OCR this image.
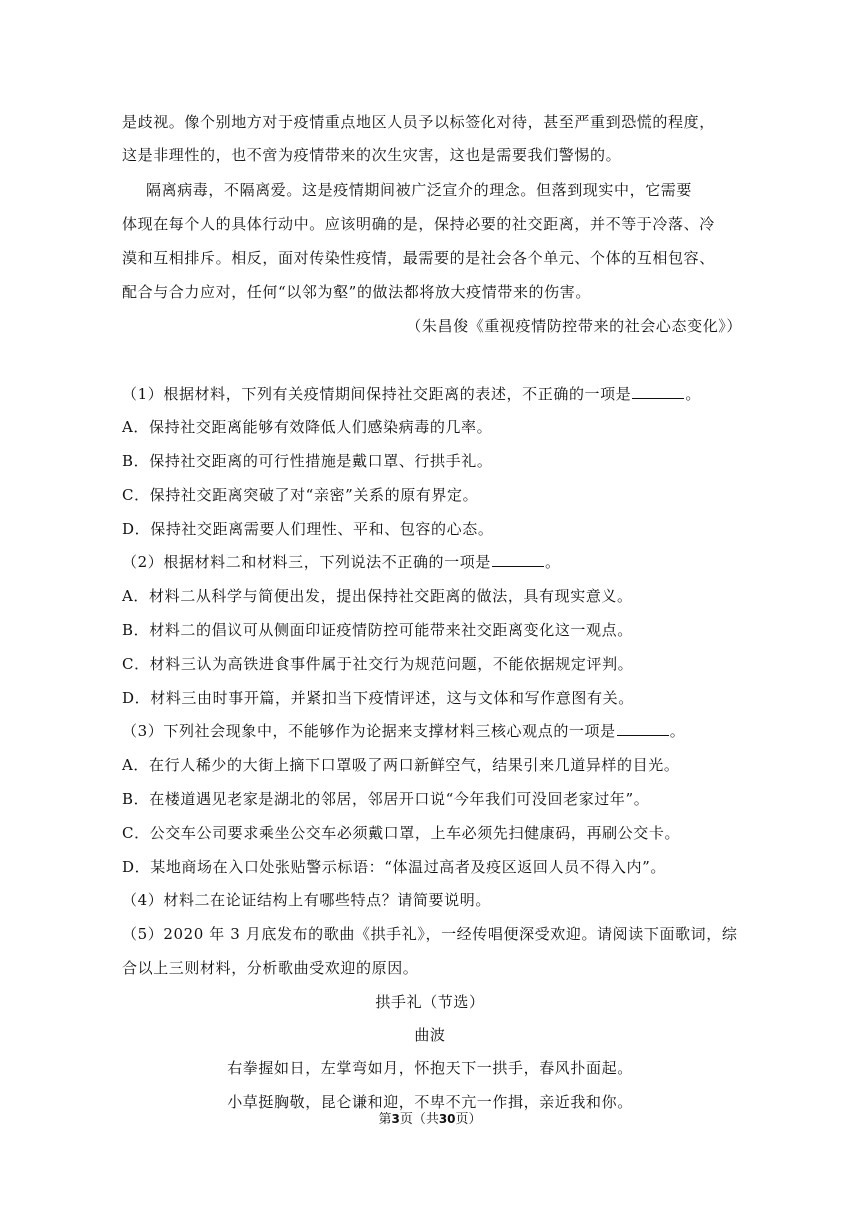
是歧视。像个别地方对于疫情重点地区人员予以标签化对待，甚至严重到恐慌的程度，
这是非理性的，也不啻为疫情带来的次生灾害，这也是需要我们警惕的。
隔离病毒，不隔离爱。这是疫情期间被广泛宣介的理念。但落到现实中，它需要
体现在每个人的具体行动中。应该明确的是，保持必要的社交距离，并不等于冷落、冷
漠和互相排斥。相反，面对传染性疫情，最需要的是社会各个单元、个体的互相包容、
配合与合力应对，任何“以邻为壑”的做法都将放大疫情带来的伤害。
（朱昌俊《重视疫情防控带来的社会心态变化》）
（1）根据材料，下列有关疫情期间保持社交距离的表述，不正确的一项是	。
A．保持社交距离能够有效降低人们感染病毒的几率。
B．保持社交距离的可行性措施是戴口罩、行拱手礼。
C．保持社交距离突破了对“亲密”关系的原有界定。
D．保持社交距离需要人们理性、平和、包容的心态。
（2）根据材料二和材料三，下列说法不正确的一项是	。
A．材料二从科学与简便出发，提出保持社交距离的做法，具有现实意义。
B．材料二的倡议可从侧面印证疫情防控可能带来社交距离变化这一观点。
C．材料三认为高铁进食事件属于社交行为规范问题，不能依据规定评判。
D．材料三由时事开篇，并紧扣当下疫情评述，这与文体和写作意图有关。
（3）下列社会现象中，不能够作为论据来支撑材料三核心观点的一项是	。
A．在行人稀少的大街上摘下口罩吸了两口新鲜空气，结果引来几道异样的目光。
B．在楼道遇见老家是湖北的邻居，邻居开口说“今年我们可没回老家过年”。
C．公交车公司要求乘坐公交车必须戴口罩，上车必须先扫健康码，再刷公交卡。
D．某地商场在入口处张贴警示标语：“体温过高者及疫区返回人员不得入内”。
（4）材料二在论证结构上有哪些特点？请简要说明。
（5）2020 年 3 月底发布的歌曲《拱手礼》，一经传唱便深受欢迎。请阅读下面歌词，综
合以上三则材料，分析歌曲受欢迎的原因。
拱手礼（节选）
曲波
右拳握如日，左掌弯如月，怀抱天下一拱手，春风扑面起。
小草挺胸敬，昆仑谦和迎，不卑不亢一作揖，亲近我和你。
第3页（共30页）
